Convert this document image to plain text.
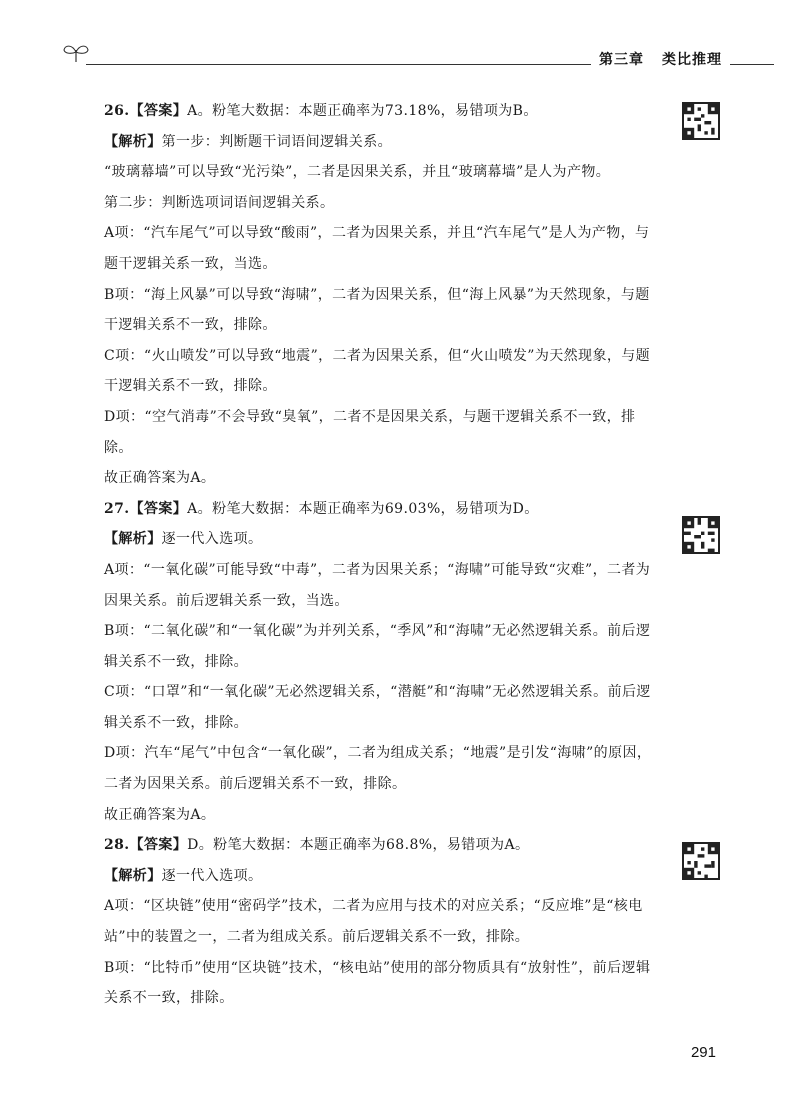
第三章 类比推理

26.【答案】A。粉笔大数据：本题正确率为73.18%，易错项为B。

【解析】第一步：判断题干词语间逻辑关系。

“玻璃幕墙”可以导致“光污染”，二者是因果关系，并且“玻璃幕墙”是人为产物。

第二步：判断选项词语间逻辑关系。

A项：“汽车尾气”可以导致“酸雨”，二者为因果关系，并且“汽车尾气”是人为产物，与题干逻辑关系一致，当选。

B项：“海上风暴”可以导致“海啸”，二者为因果关系，但“海上风暴”为天然现象，与题干逻辑关系不一致，排除。

C项：“火山喷发”可以导致“地震”，二者为因果关系，但“火山喷发”为天然现象，与题干逻辑关系不一致，排除。

D项：“空气消毒”不会导致“臭氧”，二者不是因果关系，与题干逻辑关系不一致，排除。

故正确答案为A。

27.【答案】A。粉笔大数据：本题正确率为69.03%，易错项为D。

【解析】逐一代入选项。

A项：“一氧化碳”可能导致“中毒”，二者为因果关系；“海啸”可能导致“灾难”，二者为因果关系。前后逻辑关系一致，当选。

B项：“二氧化碳”和“一氧化碳”为并列关系，“季风”和“海啸”无必然逻辑关系。前后逻辑关系不一致，排除。

C项：“口罩”和“一氧化碳”无必然逻辑关系，“潜艇”和“海啸”无必然逻辑关系。前后逻辑关系不一致，排除。

D项：汽车“尾气”中包含“一氧化碳”，二者为组成关系；“地震”是引发“海啸”的原因，二者为因果关系。前后逻辑关系不一致，排除。

故正确答案为A。

28.【答案】D。粉笔大数据：本题正确率为68.8%，易错项为A。

【解析】逐一代入选项。

A项：“区块链”使用“密码学”技术，二者为应用与技术的对应关系；“反应堆”是“核电站”中的装置之一，二者为组成关系。前后逻辑关系不一致，排除。

B项：“比特币”使用“区块链”技术，“核电站”使用的部分物质具有“放射性”，前后逻辑关系不一致，排除。

291
